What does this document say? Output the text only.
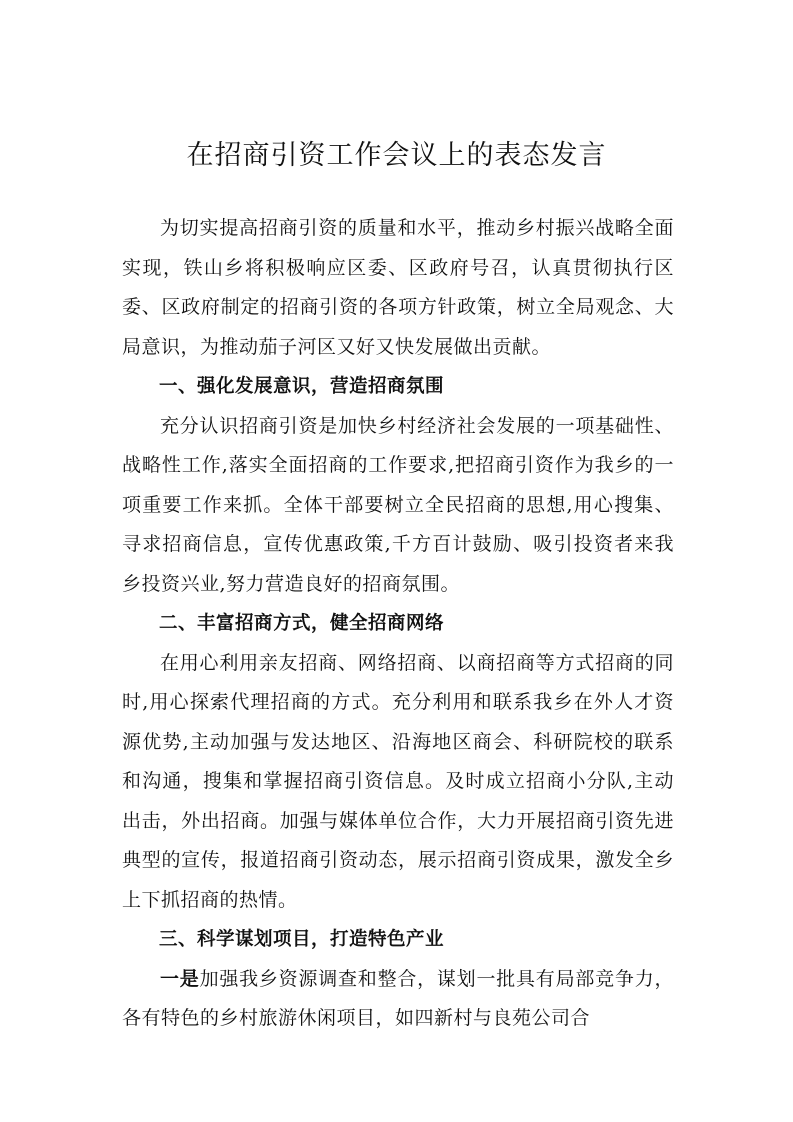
在招商引资工作会议上的表态发言

为切实提高招商引资的质量和水平，推动乡村振兴战略全面实现，铁山乡将积极响应区委、区政府号召，认真贯彻执行区委、区政府制定的招商引资的各项方针政策，树立全局观念、大局意识，为推动茄子河区又好又快发展做出贡献。

一、强化发展意识，营造招商氛围

充分认识招商引资是加快乡村经济社会发展的一项基础性、战略性工作,落实全面招商的工作要求,把招商引资作为我乡的一项重要工作来抓。全体干部要树立全民招商的思想,用心搜集、寻求招商信息，宣传优惠政策,千方百计鼓励、吸引投资者来我乡投资兴业,努力营造良好的招商氛围。

二、丰富招商方式，健全招商网络

在用心利用亲友招商、网络招商、以商招商等方式招商的同时,用心探索代理招商的方式。充分利用和联系我乡在外人才资源优势,主动加强与发达地区、沿海地区商会、科研院校的联系和沟通，搜集和掌握招商引资信息。及时成立招商小分队,主动出击，外出招商。加强与媒体单位合作，大力开展招商引资先进典型的宣传，报道招商引资动态，展示招商引资成果，激发全乡上下抓招商的热情。

三、科学谋划项目，打造特色产业

一是加强我乡资源调查和整合，谋划一批具有局部竞争力，各有特色的乡村旅游休闲项目，如四新村与良苑公司合
